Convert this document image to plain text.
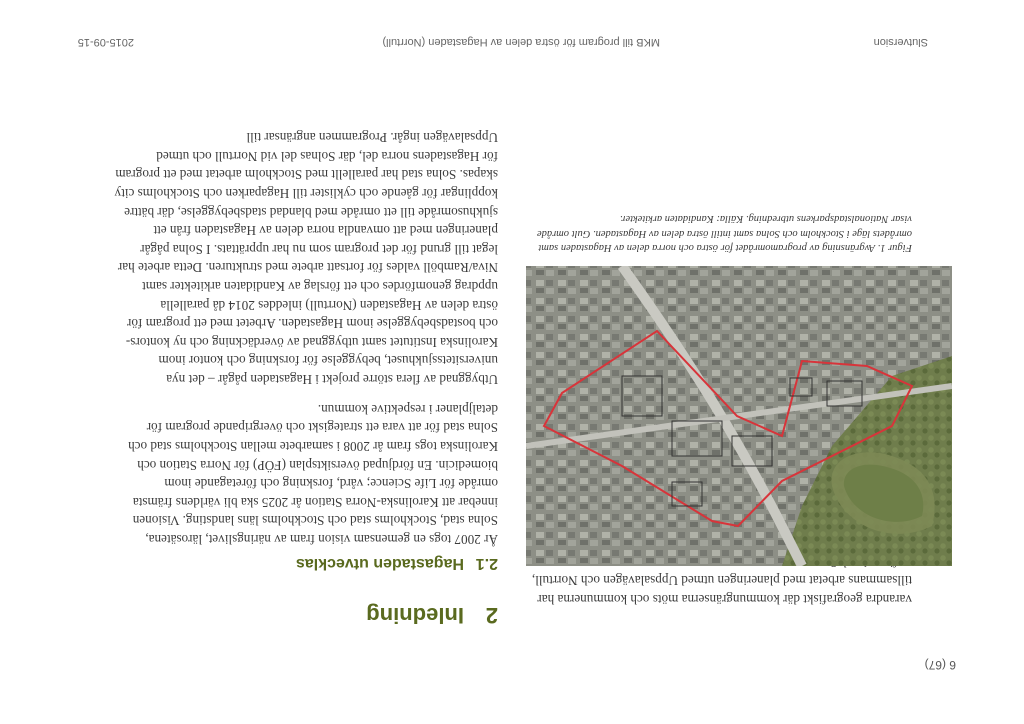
6 (67)
2Inledning
2.1Hagastaden utvecklas

År 2007 togs en gemensam vision fram av näringslivet, lärosätena, Solna stad, Stockholms stad och Stockholms läns landsting. Visionen innebar att Karolinska-Norra Station år 2025 ska bli världens främsta område för Life Science; vård, forskning och företagande inom biomedicin. En fördjupad översiktsplan (FÖP) för Norra Station och Karolinska togs fram år 2008 i samarbete mellan Stockholms stad och Solna stad för att vara ett strategiskt och övergripande program för detaljplaner i respektive kommun.

Utbyggnad av flera större projekt i Hagastaden pågår – det nya universitetssjukhuset, bebyggelse för forskning och kontor inom Karolinska Institutet samt utbyggnad av överdäckning och ny kontors- och bostadsbebyggelse inom Hagastaden. Arbetet med ett program för östra delen av Hagastaden (Norrtull) inleddes 2014 då parallella uppdrag genomfördes och ett förslag av Kandidaten arkitekter samt Niva/Ramböll valdes för fortsatt arbete med strukturen. Detta arbete har legat till grund för det program som nu har upprättats. I Solna pågår planeringen med att omvandla norra delen av Hagastaden från ett sjukhusområde till ett område med blandad stadsbebyggelse, där bättre kopplingar för gående och cyklister till Hagaparken och Stockholms city skapas. Solna stad har parallellt med Stockholm arbetat med ett program för Hagastadens norra del, där Solnas del vid Norrtull och utmed Uppsalavägen ingår. Programmen angränsar till

varandra geografiskt där kommungränserna möts och kommunerna har tillsammans arbetat med planeringen utmed Uppsalavägen och Norrtull,

Figur 1. Avgränsning av programområdet för östra och norra delen av Hagastaden samt områdets läge i Stockholm och Solna samt intill östra delen av Hagastaden. Gult område visar Nationalstadsparkens utbredning. Källa: Kandidaten arkitekter.

Slutversion
MKB till program för östra delen av Hagastaden (Norrtull)
2015-09-15
